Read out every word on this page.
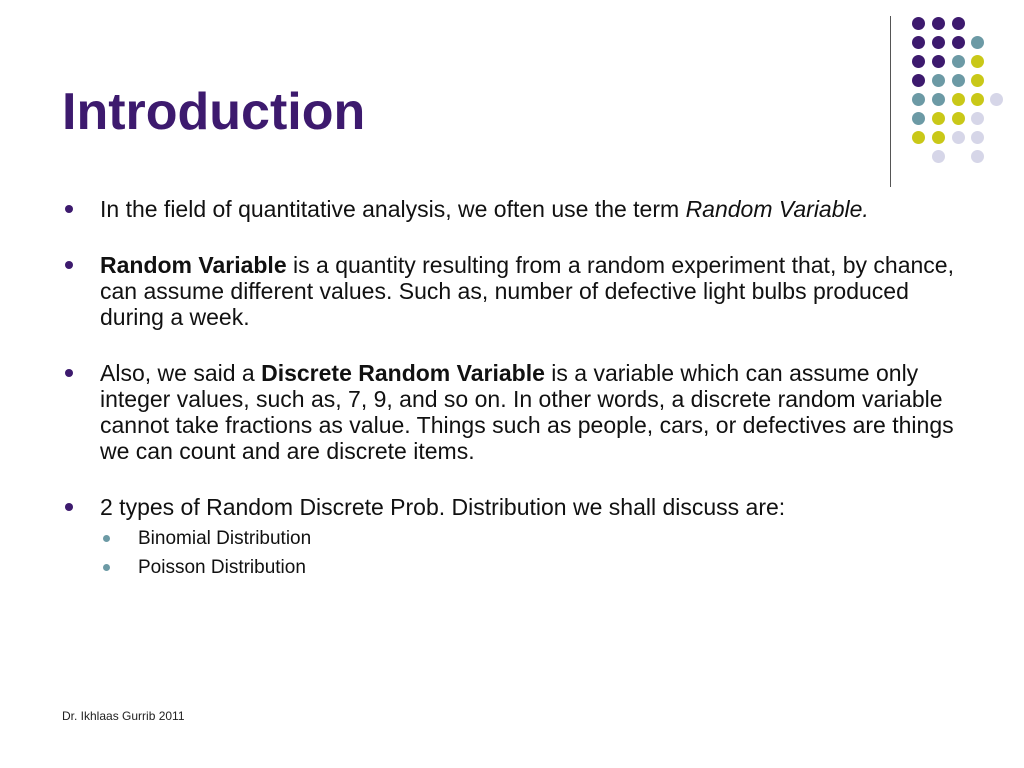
Introduction
In the field of quantitative analysis, we often use the term Random Variable.
Random Variable is a quantity resulting from a random experiment that, by chance, can assume different values. Such as, number of defective light bulbs produced during a week.
Also, we said a Discrete Random Variable is a variable which can assume only integer values, such as, 7, 9, and so on. In other words, a discrete random variable cannot take fractions as value. Things such as people, cars, or defectives are things we can count and are discrete items.
2 types of Random Discrete Prob. Distribution we shall discuss are:
Binomial Distribution
Poisson Distribution
Dr. Ikhlaas Gurrib 2011
